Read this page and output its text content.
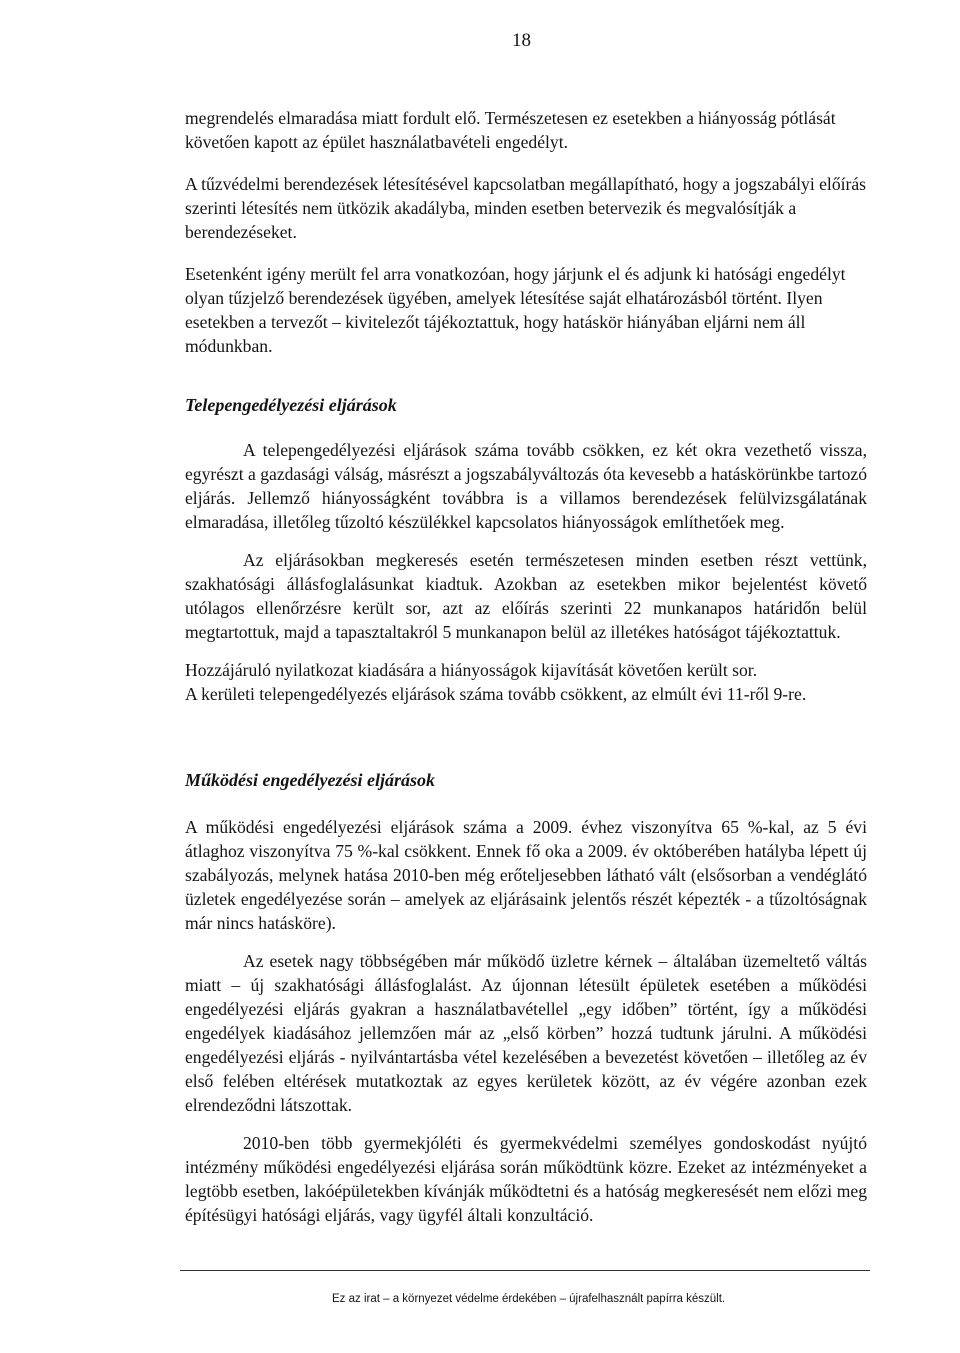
18

megrendelés elmaradása miatt fordult elő. Természetesen ez esetekben a hiányosság pótlását követően kapott az épület használatbavételi engedélyt.

A tűzvédelmi berendezések létesítésével kapcsolatban megállapítható, hogy a jogszabályi előírás szerinti létesítés nem ütközik akadályba, minden esetben betervezik és megvalósítják a berendezéseket.

Esetenként igény merült fel arra vonatkozóan, hogy járjunk el és adjunk ki hatósági engedélyt olyan tűzjelző berendezések ügyében, amelyek létesítése saját elhatározásból történt. Ilyen esetekben a tervezőt – kivitelezőt tájékoztattuk, hogy hatáskör hiányában eljárni nem áll módunkban.

Telepengedélyezési eljárások

A telepengedélyezési eljárások száma tovább csökken, ez két okra vezethető vissza, egyrészt a gazdasági válság, másrészt a jogszabályváltozás óta kevesebb a hatáskörünkbe tartozó eljárás. Jellemző hiányosságként továbbra is a villamos berendezések felülvizsgálatának elmaradása, illetőleg tűzoltó készülékkel kapcsolatos hiányosságok említhetőek meg.

Az eljárásokban megkeresés esetén természetesen minden esetben részt vettünk, szakhatósági állásfoglalásunkat kiadtuk. Azokban az esetekben mikor bejelentést követő utólagos ellenőrzésre került sor, azt az előírás szerinti 22 munkanapos határidőn belül megtartottuk, majd a tapasztaltakról 5 munkanapon belül az illetékes hatóságot tájékoztattuk.

Hozzájáruló nyilatkozat kiadására a hiányosságok kijavítását követően került sor.

A kerületi telepengedélyezés eljárások száma tovább csökkent, az elmúlt évi 11-ről 9-re.

Működési engedélyezési eljárások

A működési engedélyezési eljárások száma a 2009. évhez viszonyítva 65 %-kal, az 5 évi átlaghoz viszonyítva 75 %-kal csökkent. Ennek fő oka a 2009. év októberében hatályba lépett új szabályozás, melynek hatása 2010-ben még erőteljesebben látható vált (elsősorban a vendéglátó üzletek engedélyezése során – amelyek az eljárásaink jelentős részét képezték - a tűzoltóságnak már nincs hatásköre).

Az esetek nagy többségében már működő üzletre kérnek – általában üzemeltető váltás miatt – új szakhatósági állásfoglalást. Az újonnan létesült épületek esetében a működési engedélyezési eljárás gyakran a használatbavétellel „egy időben” történt, így a működési engedélyek kiadásához jellemzően már az „első körben” hozzá tudtunk járulni. A működési engedélyezési eljárás - nyilvántartásba vétel kezelésében a bevezetést követően – illetőleg az év első felében eltérések mutatkoztak az egyes kerületek között, az év végére azonban ezek elrendeződni látszottak.

2010-ben több gyermekjóléti és gyermekvédelmi személyes gondoskodást nyújtó intézmény működési engedélyezési eljárása során működtünk közre. Ezeket az intézményeket a legtöbb esetben, lakóépületekben kívánják működtetni és a hatóság megkeresését nem előzi meg építésügyi hatósági eljárás, vagy ügyfél általi konzultáció.

Ez az irat – a környezet védelme érdekében – újrafelhasznált papírra készült.
